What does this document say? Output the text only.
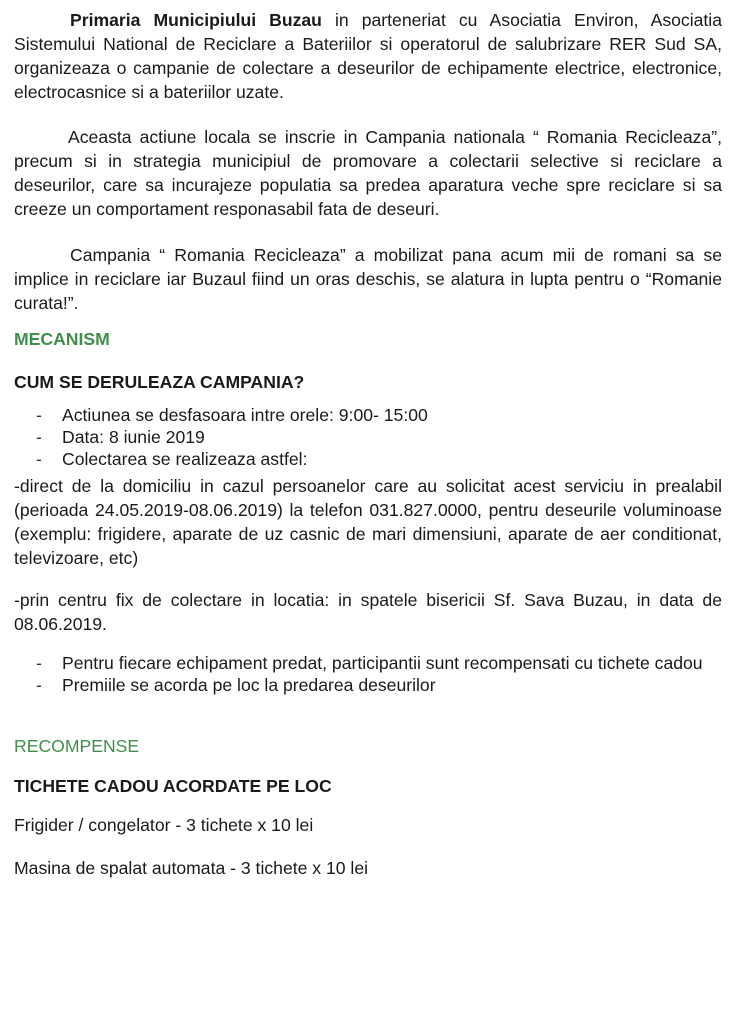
Primaria Municipiului Buzau in parteneriat cu Asociatia Environ, Asociatia Sistemului National de Reciclare a Bateriilor si operatorul de salubrizare RER Sud SA, organizeaza o campanie de colectare a deseurilor de echipamente electrice, electronice, electrocasnice si a bateriilor uzate.

Aceasta actiune locala se inscrie in Campania nationala “ Romania Recicleaza”, precum si in strategia municipiul de promovare a colectarii selective si reciclare a deseurilor, care sa incurajeze populatia sa predea aparatura veche spre reciclare si sa creeze un comportament responasabil fata de deseuri.

Campania “ Romania Recicleaza” a mobilizat pana acum mii de romani sa se implice in reciclare iar Buzaul fiind un oras deschis, se alatura in lupta pentru o “Romanie curata!”.

MECANISM
CUM SE DERULEAZA CAMPANIA?
- Actiunea se desfasoara intre orele: 9:00- 15:00
- Data: 8 iunie 2019
- Colectarea se realizeaza astfel:

-direct de la domiciliu in cazul persoanelor care au solicitat acest serviciu in prealabil (perioada 24.05.2019-08.06.2019) la telefon 031.827.0000, pentru deseurile voluminoase (exemplu: frigidere, aparate de uz casnic de mari dimensiuni, aparate de aer conditionat, televizoare, etc)

-prin centru fix de colectare in locatia: in spatele bisericii Sf. Sava Buzau, in data de 08.06.2019.

- Pentru fiecare echipament predat, participantii sunt recompensati cu tichete cadou
- Premiile se acorda pe loc la predarea deseurilor
RECOMPENSE
TICHETE CADOU ACORDATE PE LOC
Frigider / congelator - 3 tichete x 10 lei
Masina de spalat automata - 3 tichete x 10 lei
